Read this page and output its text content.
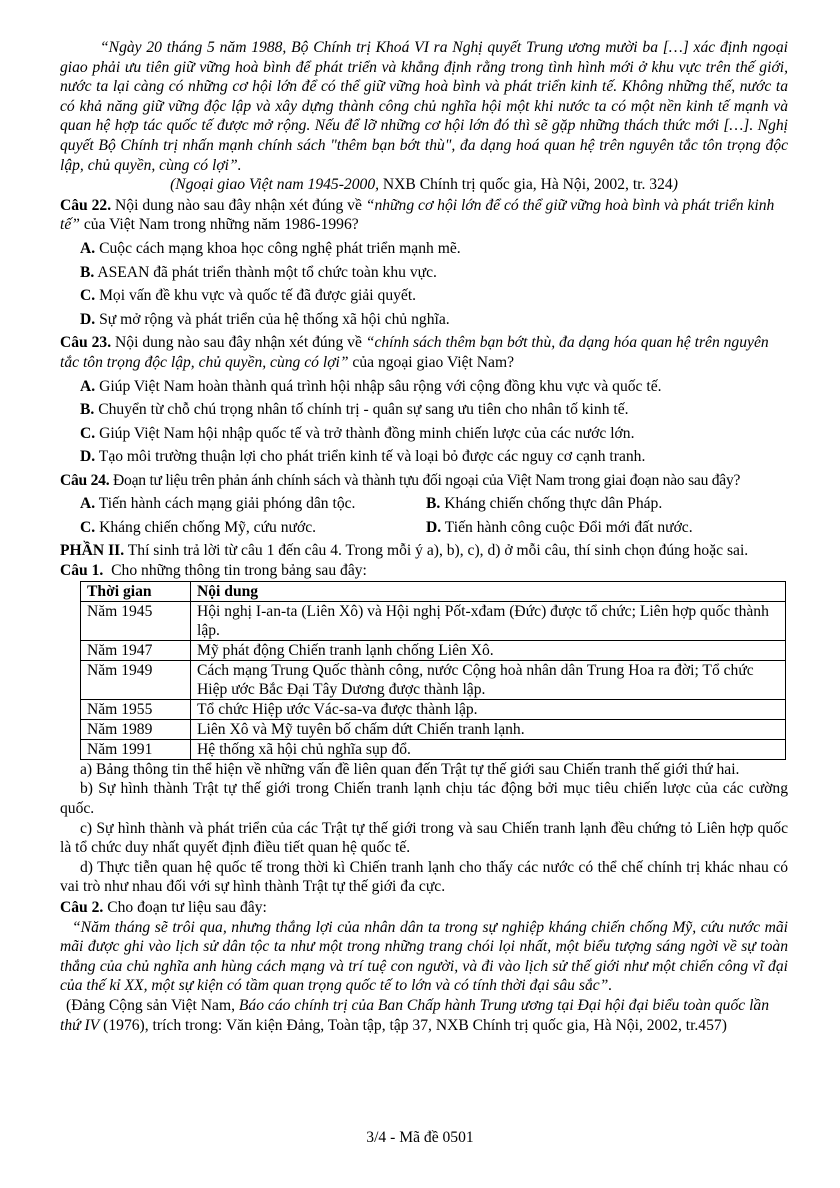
“Ngày 20 tháng 5 năm 1988, Bộ Chính trị Khoá VI ra Nghị quyết Trung ương mười ba […] xác định ngoại giao phải ưu tiên giữ vững hoà bình để phát triển và khẳng định rằng trong tình hình mới ở khu vực trên thế giới, nước ta lại càng có những cơ hội lớn để có thể giữ vững hoà bình và phát triển kinh tế. Không những thế, nước ta có khả năng giữ vững độc lập và xây dựng thành công chủ nghĩa hội một khi nước ta có một nền kinh tế mạnh và quan hệ hợp tác quốc tế được mở rộng. Nếu để lỡ những cơ hội lớn đó thì sẽ gặp những thách thức mới […]. Nghị quyết Bộ Chính trị nhấn mạnh chính sách "thêm bạn bớt thù", đa dạng hoá quan hệ trên nguyên tắc tôn trọng độc lập, chủ quyền, cùng có lợi”.

(Ngoại giao Việt nam 1945-2000, NXB Chính trị quốc gia, Hà Nội, 2002, tr. 324)

Câu 22. Nội dung nào sau đây nhận xét đúng về “những cơ hội lớn để có thể giữ vững hoà bình và phát triển kinh tế” của Việt Nam trong những năm 1986-1996?

A. Cuộc cách mạng khoa học công nghệ phát triển mạnh mẽ.

B. ASEAN đã phát triển thành một tổ chức toàn khu vực.

C. Mọi vấn đề khu vực và quốc tế đã được giải quyết.

D. Sự mở rộng và phát triển của hệ thống xã hội chủ nghĩa.

Câu 23. Nội dung nào sau đây nhận xét đúng về “chính sách thêm bạn bớt thù, đa dạng hóa quan hệ trên nguyên tắc tôn trọng độc lập, chủ quyền, cùng có lợi” của ngoại giao Việt Nam?

A. Giúp Việt Nam hoàn thành quá trình hội nhập sâu rộng với cộng đồng khu vực và quốc tế.

B. Chuyển từ chỗ chú trọng nhân tố chính trị - quân sự sang ưu tiên cho nhân tố kinh tế.

C. Giúp Việt Nam hội nhập quốc tế và trở thành đồng minh chiến lược của các nước lớn.

D. Tạo môi trường thuận lợi cho phát triển kinh tế và loại bỏ được các nguy cơ cạnh tranh.

Câu 24. Đoạn tư liệu trên phản ánh chính sách và thành tựu đối ngoại của Việt Nam trong giai đoạn nào sau đây?

A. Tiến hành cách mạng giải phóng dân tộc.	B. Kháng chiến chống thực dân Pháp.
C. Kháng chiến chống Mỹ, cứu nước.	D. Tiến hành công cuộc Đổi mới đất nước.

PHẦN II. Thí sinh trả lời từ câu 1 đến câu 4. Trong mỗi ý a), b), c), d) ở mỗi câu, thí sinh chọn đúng hoặc sai.

Câu 1.  Cho những thông tin trong bảng sau đây:

Thời gian	Nội dung
Năm 1945	Hội nghị I-an-ta (Liên Xô) và Hội nghị Pốt-xđam (Đức) được tổ chức; Liên hợp quốc thành lập.
Năm 1947	Mỹ phát động Chiến tranh lạnh chống Liên Xô.
Năm 1949	Cách mạng Trung Quốc thành công, nước Cộng hoà nhân dân Trung Hoa ra đời; Tổ chức Hiệp ước Bắc Đại Tây Dương được thành lập.
Năm 1955	Tổ chức Hiệp ước Vác-sa-va được thành lập.
Năm 1989	Liên Xô và Mỹ tuyên bố chấm dứt Chiến tranh lạnh.
Năm 1991	Hệ thống xã hội chủ nghĩa sụp đổ.

a) Bảng thông tin thể hiện về những vấn đề liên quan đến Trật tự thế giới sau Chiến tranh thế giới thứ hai.

b) Sự hình thành Trật tự thế giới trong Chiến tranh lạnh chịu tác động bởi mục tiêu chiến lược của các cường quốc.

c) Sự hình thành và phát triển của các Trật tự thế giới trong và sau Chiến tranh lạnh đều chứng tỏ Liên hợp quốc là tổ chức duy nhất quyết định điều tiết quan hệ quốc tế.

d) Thực tiễn quan hệ quốc tế trong thời kì Chiến tranh lạnh cho thấy các nước có thể chế chính trị khác nhau có vai trò như nhau đối với sự hình thành Trật tự thế giới đa cực.

Câu 2. Cho đoạn tư liệu sau đây:

“Năm tháng sẽ trôi qua, nhưng thắng lợi của nhân dân ta trong sự nghiệp kháng chiến chống Mỹ, cứu nước mãi mãi được ghi vào lịch sử dân tộc ta như một trong những trang chói lọi nhất, một biểu tượng sáng ngời về sự toàn thắng của chủ nghĩa anh hùng cách mạng và trí tuệ con người, và đi vào lịch sử thế giới như một chiến công vĩ đại của thế kỉ XX, một sự kiện có tầm quan trọng quốc tế to lớn và có tính thời đại sâu sắc”.

(Đảng Cộng sản Việt Nam, Báo cáo chính trị của Ban Chấp hành Trung ương tại Đại hội đại biểu toàn quốc lần thứ IV (1976), trích trong: Văn kiện Đảng, Toàn tập, tập 37, NXB Chính trị quốc gia, Hà Nội, 2002, tr.457)

3/4 - Mã đề 0501
